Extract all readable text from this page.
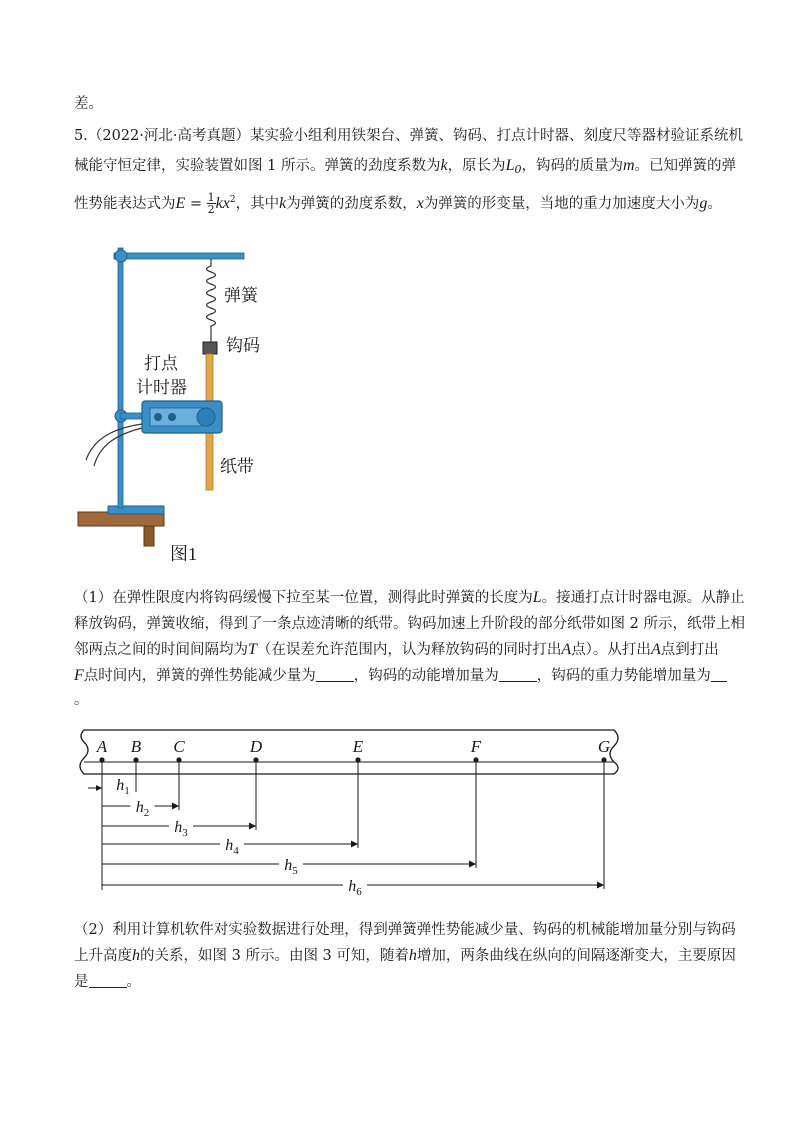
差。
5.（2022·河北·高考真题）某实验小组利用铁架台、弹簧、钩码、打点计时器、刻度尺等器材验证系统机
械能守恒定律，实验装置如图 1 所示。弹簧的劲度系数为k，原长为$L_0$，钩码的质量为m。已知弹簧的弹
性势能表达式为$E = \frac{1}{2} kx^2$，其中k为弹簧的劲度系数，x为弹簧的形变量，当地的重力加速度大小为g。
弹簧
钩码
打点
计时器
纸带
图1
（1）在弹性限度内将钩码缓慢下拉至某一位置，测得此时弹簧的长度为L。接通打点计时器电源。从静止
释放钩码，弹簧收缩，得到了一条点迹清晰的纸带。钩码加速上升阶段的部分纸带如图 2 所示，纸带上相
邻两点之间的时间间隔均为T（在误差允许范围内，认为释放钩码的同时打出A点）。从打出A点到打出
F点时间内，弹簧的弹性势能减少量为	，钩码的动能增加量为	，钩码的重力势能增加量为
。
A B C	D	E	F	G
$h_1$
$h_2$
$h_3$
$h_4$
$h_5$
$h_6$
（2）利用计算机软件对实验数据进行处理，得到弹簧弹性势能减少量、钩码的机械能增加量分别与钩码
上升高度h的关系，如图 3 所示。由图 3 可知，随着h增加，两条曲线在纵向的间隔逐渐变大，主要原因
是	。
